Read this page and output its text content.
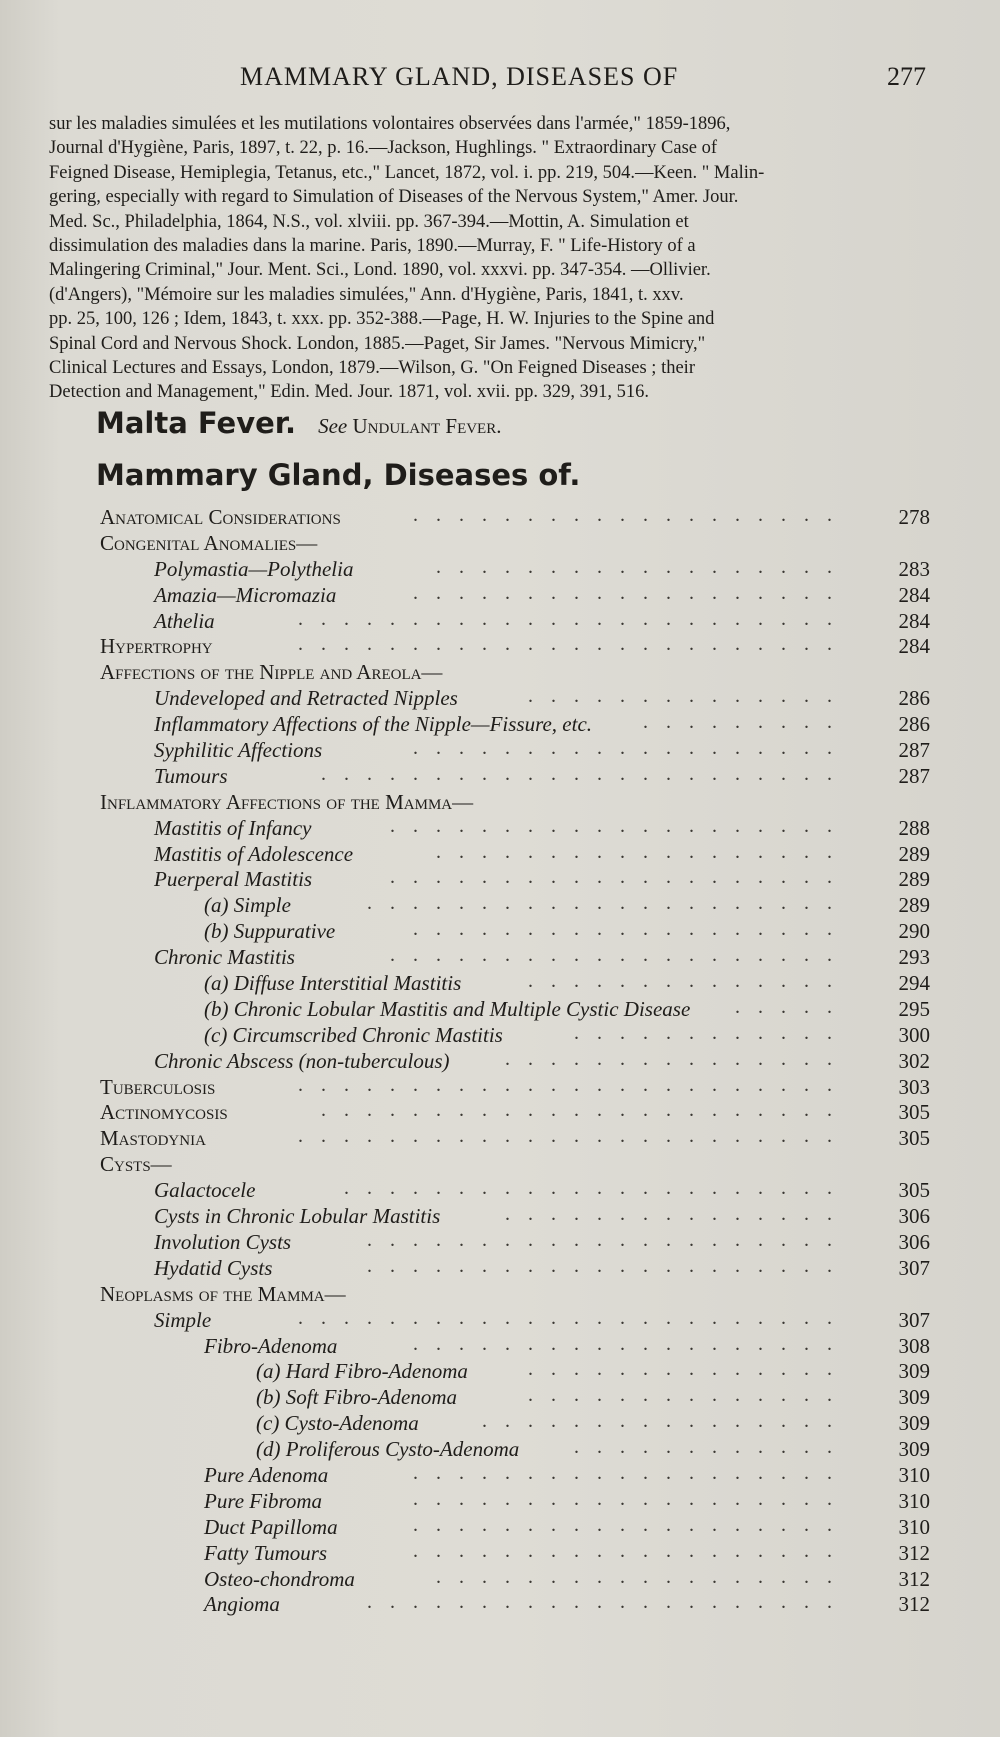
MAMMARY GLAND, DISEASES OF	277

sur les maladies simulées et les mutilations volontaires observées dans l'armée," 1859-1896,

Journal d'Hygiène, Paris, 1897, t. 22, p. 16.—Jackson, Hughlings. " Extraordinary Case of

Feigned Disease, Hemiplegia, Tetanus, etc.," Lancet, 1872, vol. i. pp. 219, 504.—Keen. " Malin-

gering, especially with regard to Simulation of Diseases of the Nervous System," Amer. Jour.

Med. Sc., Philadelphia, 1864, N.S., vol. xlviii. pp. 367-394.—Mottin, A. Simulation et

dissimulation des maladies dans la marine. Paris, 1890.—Murray, F. " Life-History of a

Malingering Criminal," Jour. Ment. Sci., Lond. 1890, vol. xxxvi. pp. 347-354. —Ollivier.

(d'Angers), "Mémoire sur les maladies simulées," Ann. d'Hygiène, Paris, 1841, t. xxv.

pp. 25, 100, 126 ; Idem, 1843, t. xxx. pp. 352-388.—Page, H. W. Injuries to the Spine and

Spinal Cord and Nervous Shock. London, 1885.—Paget, Sir James. "Nervous Mimicry,"

Clinical Lectures and Essays, London, 1879.—Wilson, G. "On Feigned Diseases ; their

Detection and Management," Edin. Med. Jour. 1871, vol. xvii. pp. 329, 391, 516.

Malta Fever. See Undulant Fever.
Mammary Gland, Diseases of.
Anatomical Considerations	................... 278
Congenital Anomalies—
Polymastia—Polythelia	.................. 283
Amazia—Micromazia	................... 284
Athelia	........................ 284
Hypertrophy	........................ 284
Affections of the Nipple and Areola—
Undeveloped and Retracted Nipples	.............. 286
Inflammatory Affections of the Nipple—Fissure, etc.	......... 286
Syphilitic Affections	................... 287
Tumours	....................... 287
Inflammatory Affections of the Mamma—
Mastitis of Infancy	.................... 288
Mastitis of Adolescence	.................. 289
Puerperal Mastitis	.................... 289
(a) Simple	..................... 289
(b) Suppurative	................... 290
Chronic Mastitis	.................... 293
(a) Diffuse Interstitial Mastitis	.............. 294
(b) Chronic Lobular Mastitis and Multiple Cystic Disease ..... 295
(c) Circumscribed Chronic Mastitis	............ 300
Chronic Abscess (non-tuberculous)	............... 302
Tuberculosis	........................ 303
Actinomycosis	....................... 305
Mastodynia	........................ 305
Cysts—
Galactocele	...................... 305
Cysts in Chronic Lobular Mastitis	............... 306
Involution Cysts	..................... 306
Hydatid Cysts	..................... 307
Neoplasms of the Mamma—
Simple	........................ 307
Fibro-Adenoma	................... 308
(a) Hard Fibro-Adenoma	.............. 309
(b) Soft Fibro-Adenoma	.............. 309
(c) Cysto-Adenoma	................ 309
(d) Proliferous Cysto-Adenoma	............ 309
Pure Adenoma	................... 310
Pure Fibroma	................... 310
Duct Papilloma	................... 310
Fatty Tumours	................... 312
Osteo-chondroma	.................. 312
Angioma	..................... 312
